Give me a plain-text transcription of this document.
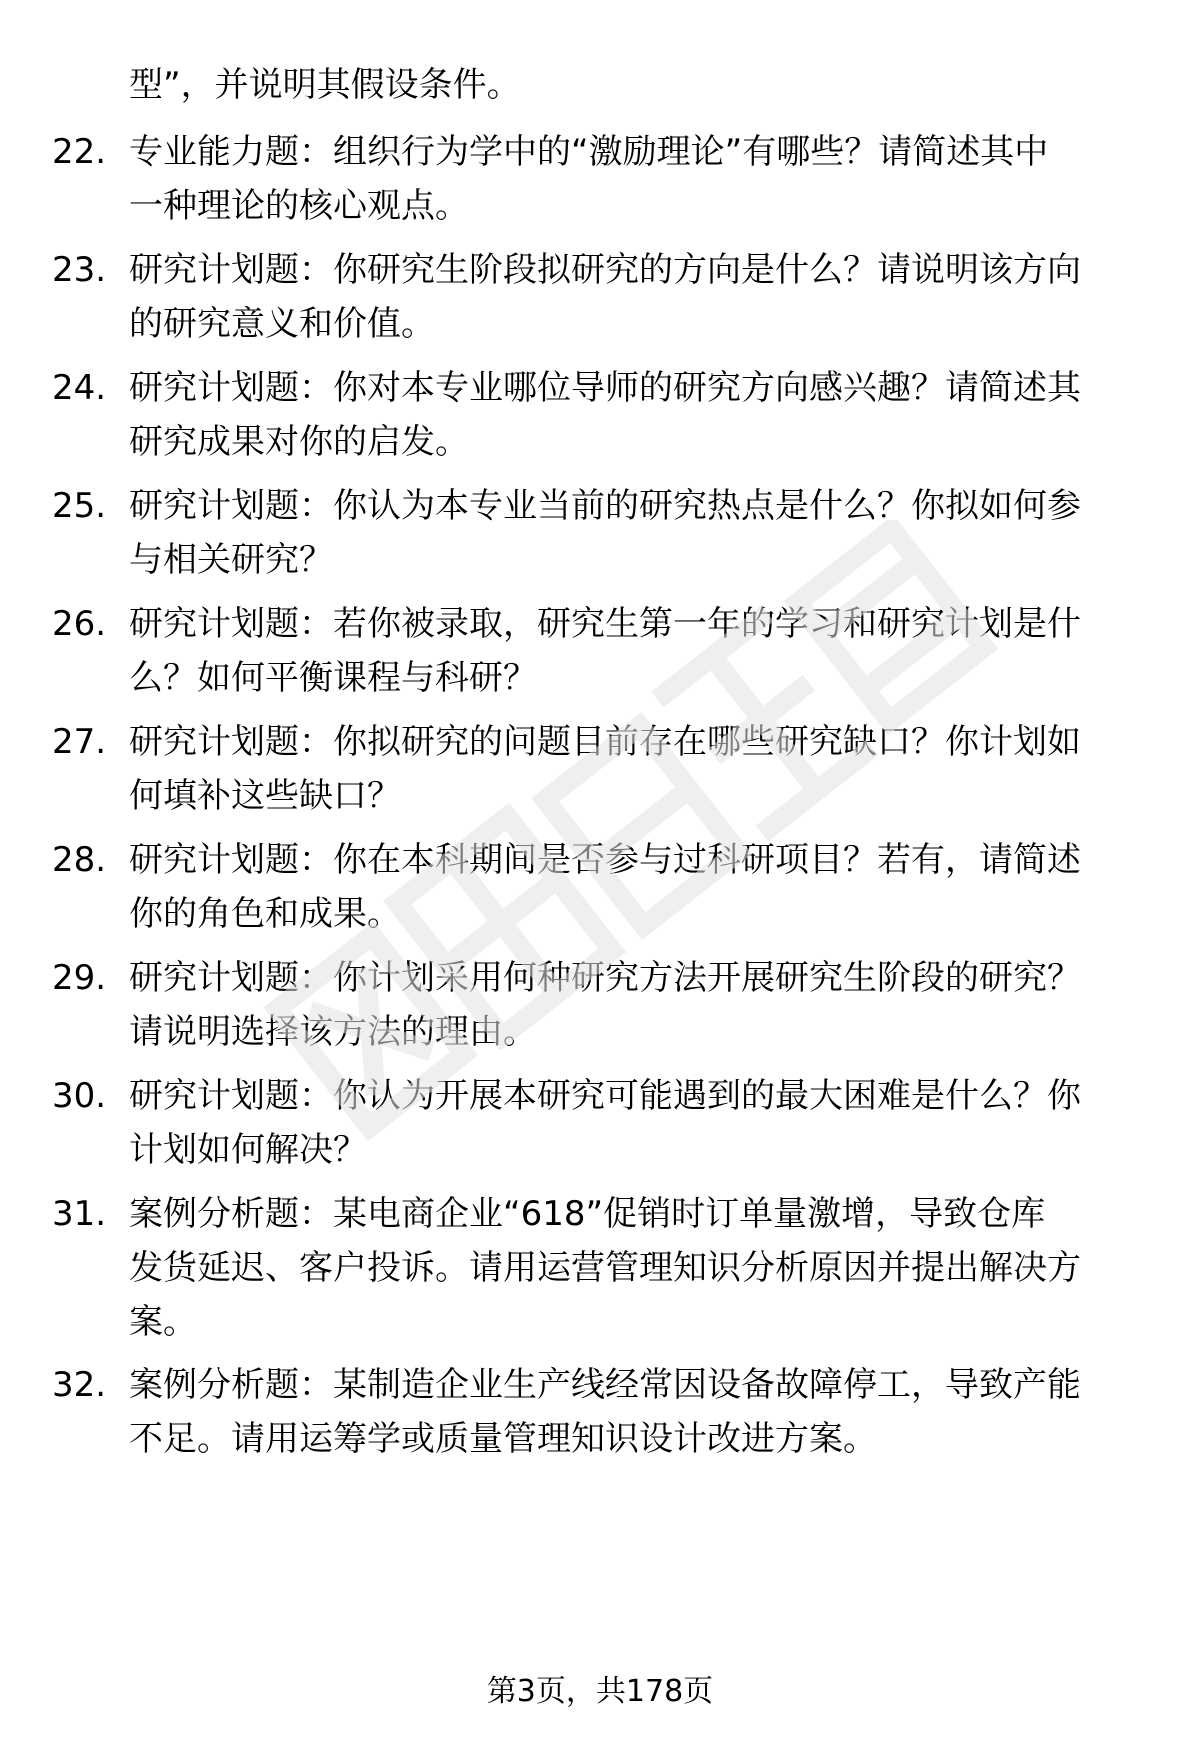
型”，并说明其假设条件。
22. 专业能力题：组织行为学中的“激励理论”有哪些？请简述其中
一种理论的核心观点。
23. 研究计划题：你研究生阶段拟研究的方向是什么？请说明该方向
的研究意义和价值。
24. 研究计划题：你对本专业哪位导师的研究方向感兴趣？请简述其
研究成果对你的启发。
25. 研究计划题：你认为本专业当前的研究热点是什么？你拟如何参
与相关研究？
26. 研究计划题：若你被录取，研究生第一年的学习和研究计划是什
么？如何平衡课程与科研？
27. 研究计划题：你拟研究的问题目前存在哪些研究缺口？你计划如
何填补这些缺口？
28. 研究计划题：你在本科期间是否参与过科研项目？若有，请简述
你的角色和成果。
29. 研究计划题：你计划采用何种研究方法开展研究生阶段的研究？
请说明选择该方法的理由。
30. 研究计划题：你认为开展本研究可能遇到的最大困难是什么？你
计划如何解决？
31. 案例分析题：某电商企业“618”促销时订单量激增，导致仓库
发货延迟、客户投诉。请用运营管理知识分析原因并提出解决方
案。
32. 案例分析题：某制造企业生产线经常因设备故障停工，导致产能
不足。请用运筹学或质量管理知识设计改进方案。
第3页，共178页
